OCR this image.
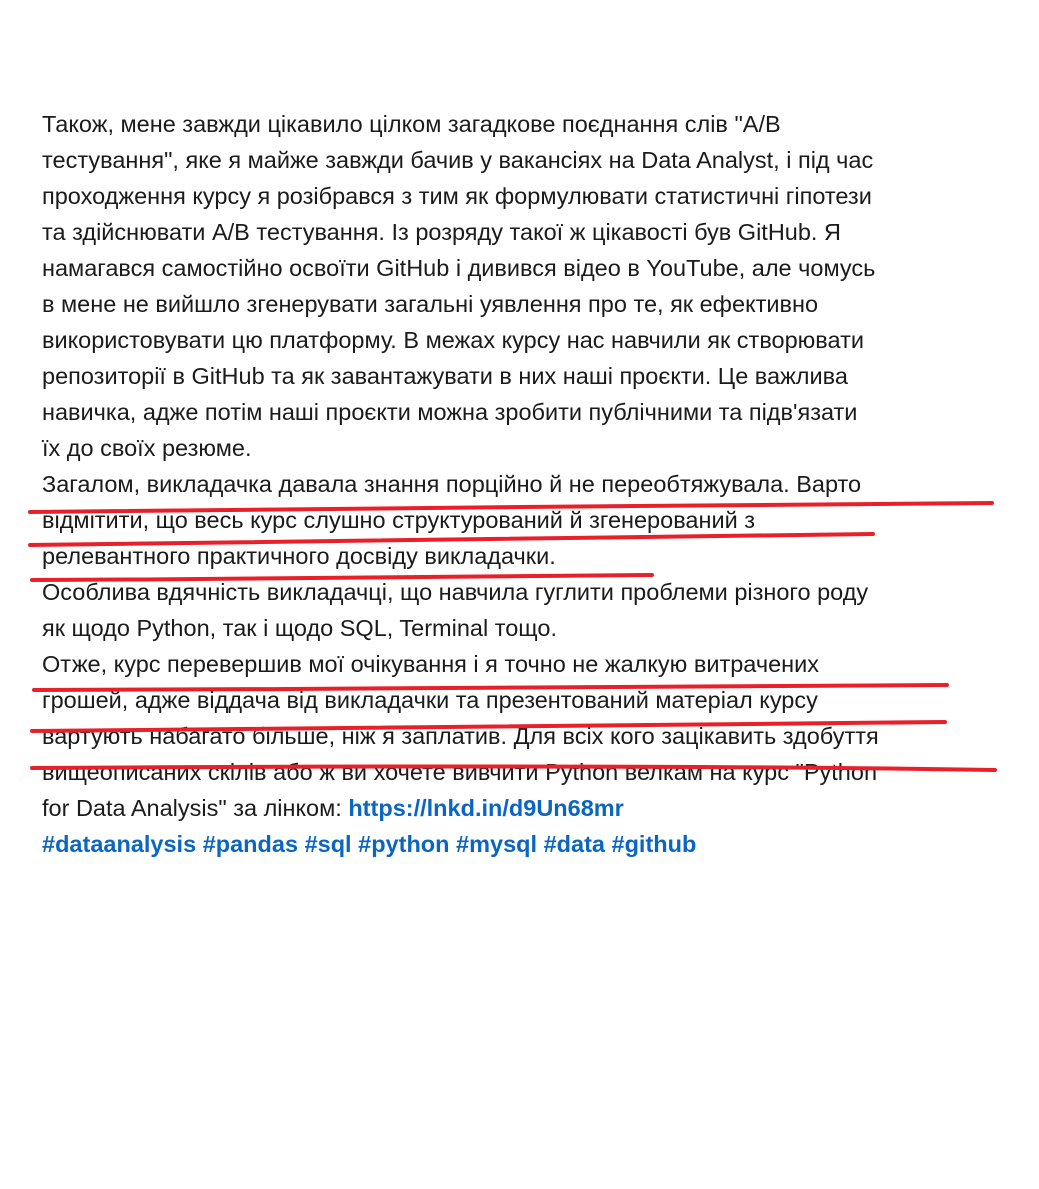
Також, мене завжди цікавило цілком загадкове поєднання слів "A/B
тестування", яке я майже завжди бачив у вакансіях на Data Analyst, і під час
проходження курсу я розібрався з тим як формулювати статистичні гіпотези
та здійснювати A/B тестування. Із розряду такої ж цікавості був GitHub. Я
намагався самостійно освоїти GitHub і дивився відео в YouTube, але чомусь
в мене не вийшло згенерувати загальні уявлення про те, як ефективно
використовувати цю платформу. В межах курсу нас навчили як створювати
репозиторії в GitHub та як завантажувати в них наші проєкти. Це важлива
навичка, адже потім наші проєкти можна зробити публічними та підв'язати
їх до своїх резюме.
Загалом, викладачка давала знання порційно й не переобтяжувала. Варто
відмітити, що весь курс слушно структурований й згенерований з
релевантного практичного досвіду викладачки.
Особлива вдячність викладачці, що навчила гуглити проблеми різного роду
як щодо Python, так і щодо SQL, Terminal тощо.
Отже, курс перевершив мої очікування і я точно не жалкую витрачених
грошей, адже віддача від викладачки та презентований матеріал курсу
вартують набагато більше, ніж я заплатив. Для всіх кого зацікавить здобуття
вищеописаних скілів або ж ви хочете вивчити Python велкам на курс "Python
for Data Analysis" за лінком: https://lnkd.in/d9Un68mr
#dataanalysis #pandas #sql #python #mysql #data #github
